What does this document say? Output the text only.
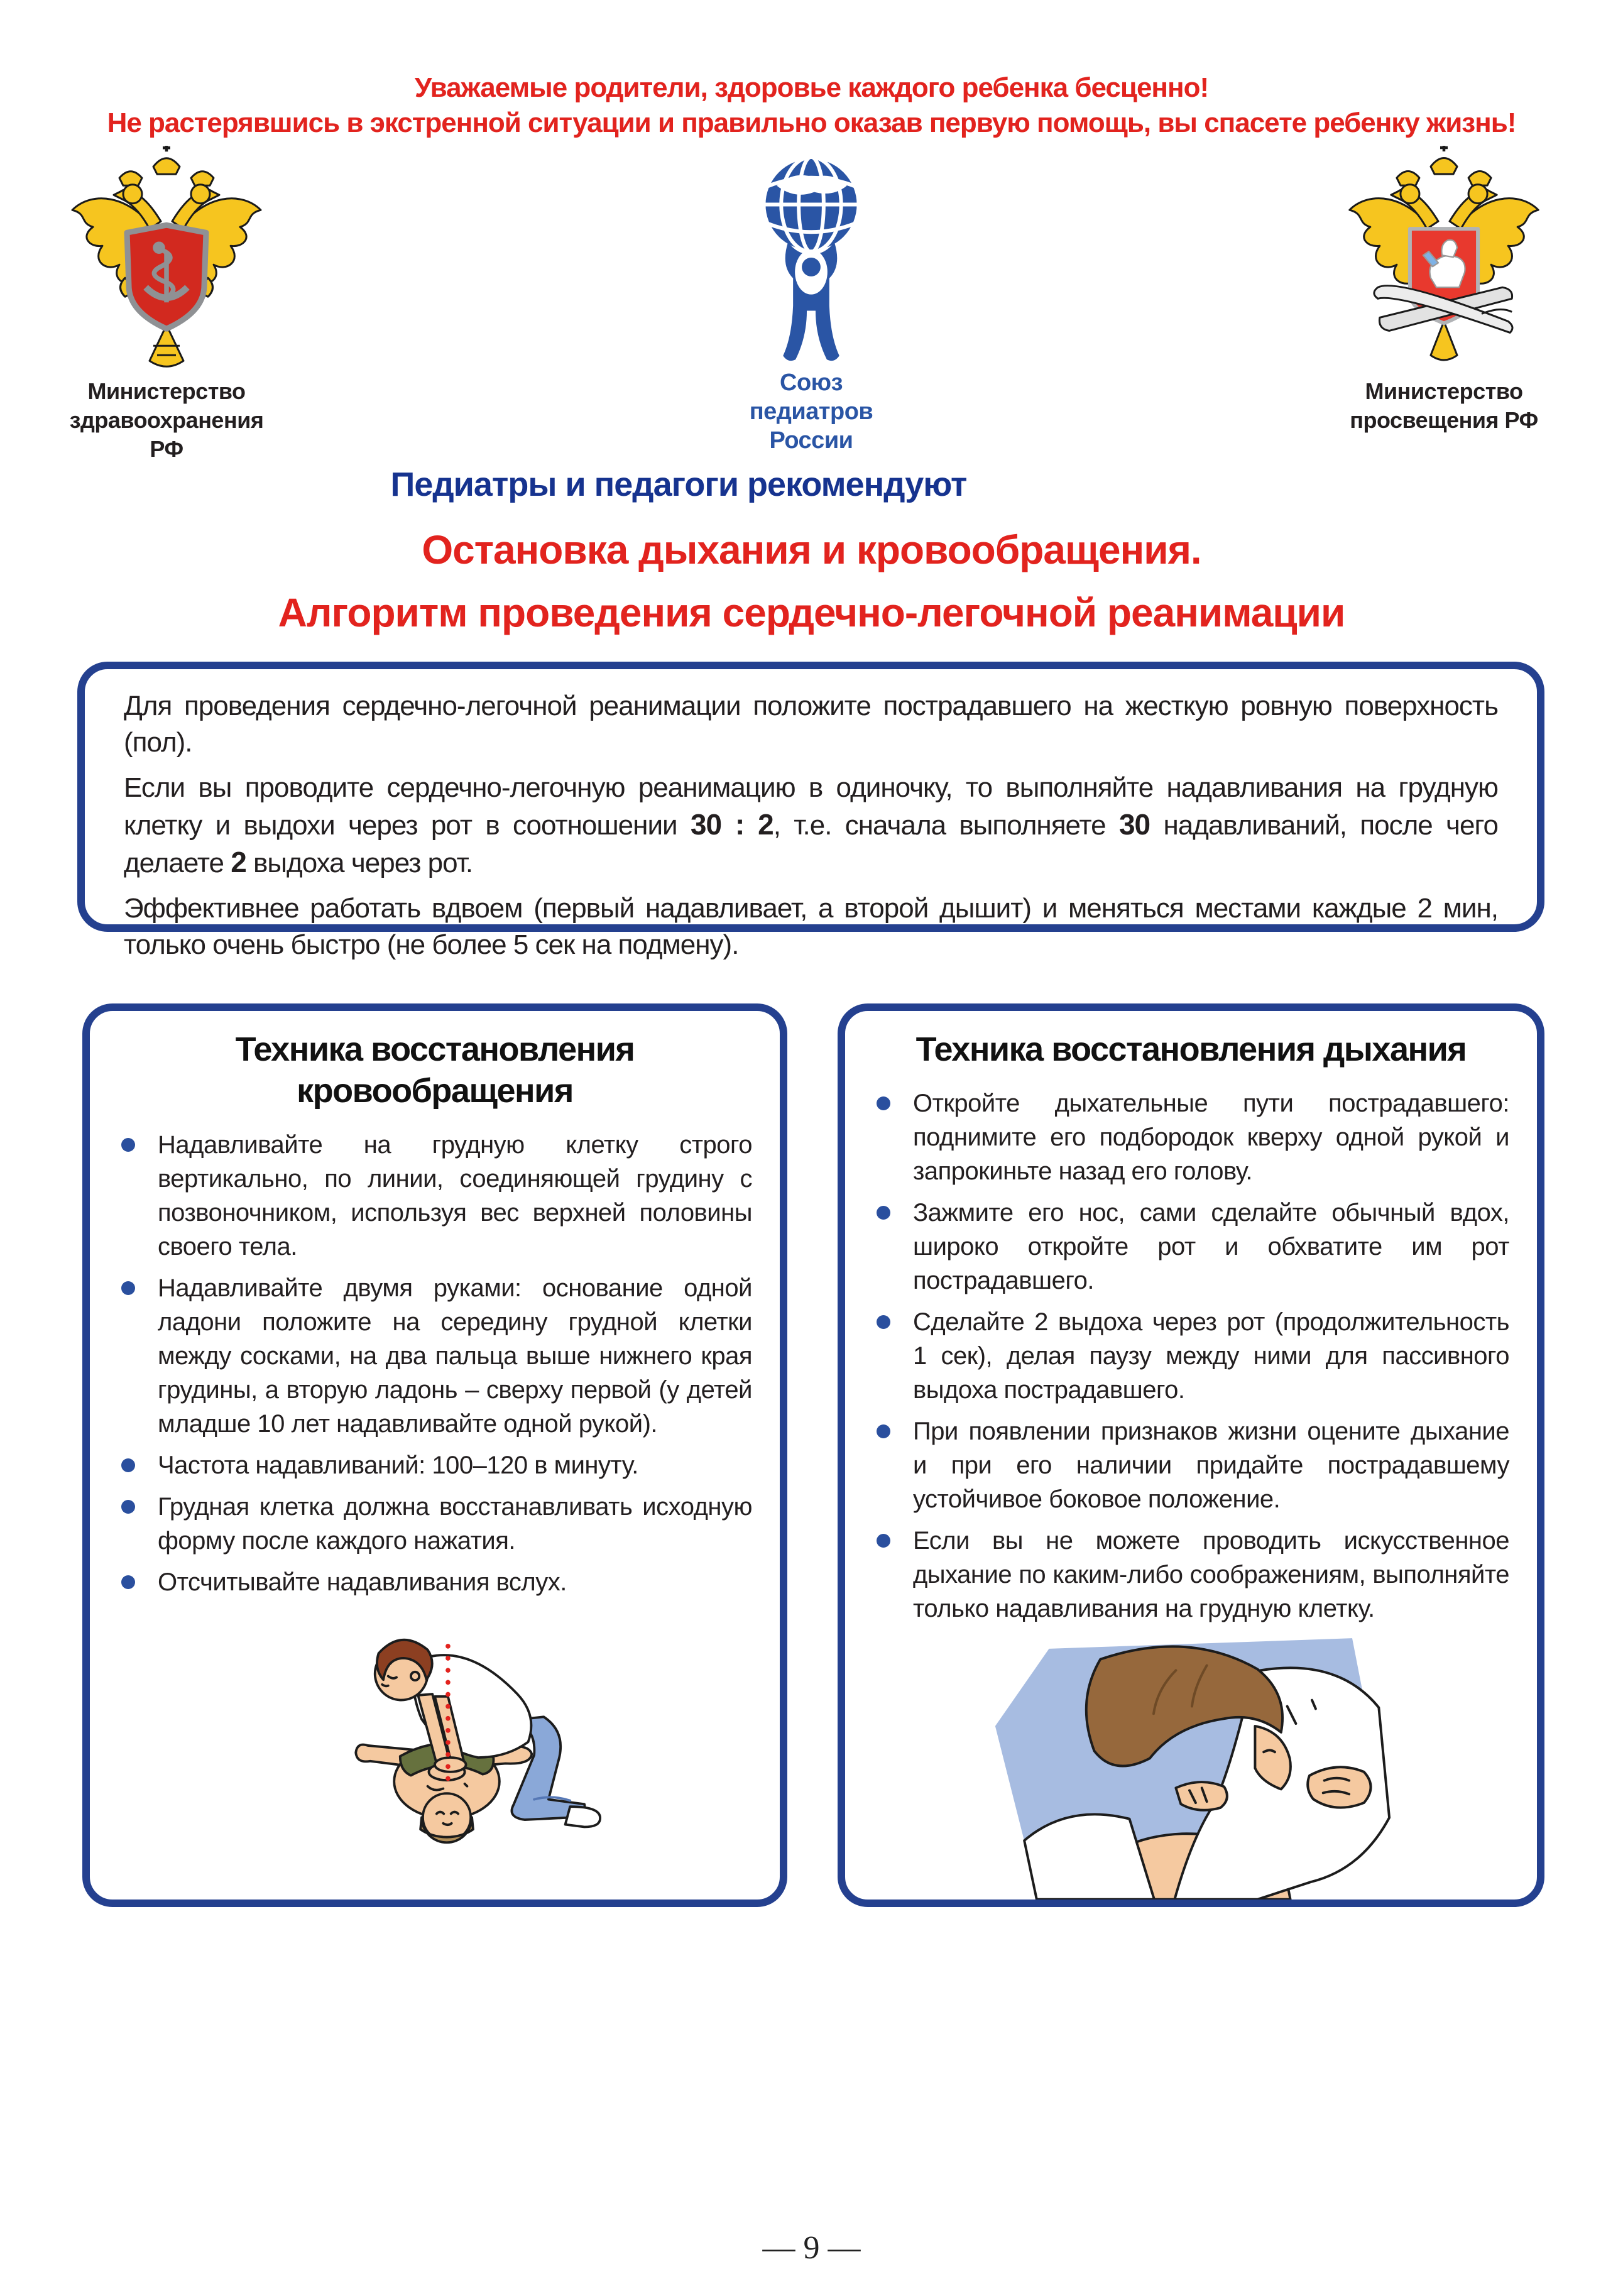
Уважаемые родители, здоровье каждого ребенка бесценно!
Не растерявшись в экстренной ситуации и правильно оказав первую помощь, вы спасете ребенку жизнь!
Министерство
здравоохранения РФ
Союз
педиатров
России
Министерство
просвещения РФ
Педиатры и педагоги рекомендуют
Остановка дыхания и кровообращения.
Алгоритм проведения сердечно-легочной реанимации

Для проведения сердечно-легочной реанимации положите пострадавшего на жесткую ровную поверхность (пол).

Если вы проводите сердечно-легочную реанимацию в одиночку, то выполняйте надавливания на грудную клетку и выдохи через рот в соотношении 30 : 2, т.е. сначала выполняете 30 надавливаний, после чего делаете 2 выдоха через рот.

Эффективнее работать вдвоем (первый надавливает, а второй дышит) и меняться местами каждые 2 мин, только очень быстро (не более 5 сек на подмену).

Техника восстановления
кровообращения
Надавливайте на грудную клетку строго вертикально, по линии, соединяющей грудину с позвоночником, используя вес верхней половины своего тела.
Надавливайте двумя руками: основание одной ладони положите на середину грудной клетки между сосками, на два пальца выше нижнего края грудины, а вторую ладонь – сверху первой (у детей младше 10 лет надавливайте одной рукой).
Частота надавливаний: 100–120 в минуту.
Грудная клетка должна восстанавливать исходную форму после каждого нажатия.
Отсчитывайте надавливания вслух.
Техника восстановления дыхания
Откройте дыхательные пути пострадавшего: поднимите его подбородок кверху одной рукой и запрокиньте назад его голову.
Зажмите его нос, сами сделайте обычный вдох, широко откройте рот и обхватите им рот пострадавшего.
Сделайте 2 выдоха через рот (продолжительность 1 сек), делая паузу между ними для пассивного выдоха пострадавшего.
При появлении признаков жизни оцените дыхание и при его наличии придайте пострадавшему устойчивое боковое положение.
Если вы не можете проводить искусственное дыхание по каким-либо соображениям, выполняйте только надавливания на грудную клетку.
— 9 —
